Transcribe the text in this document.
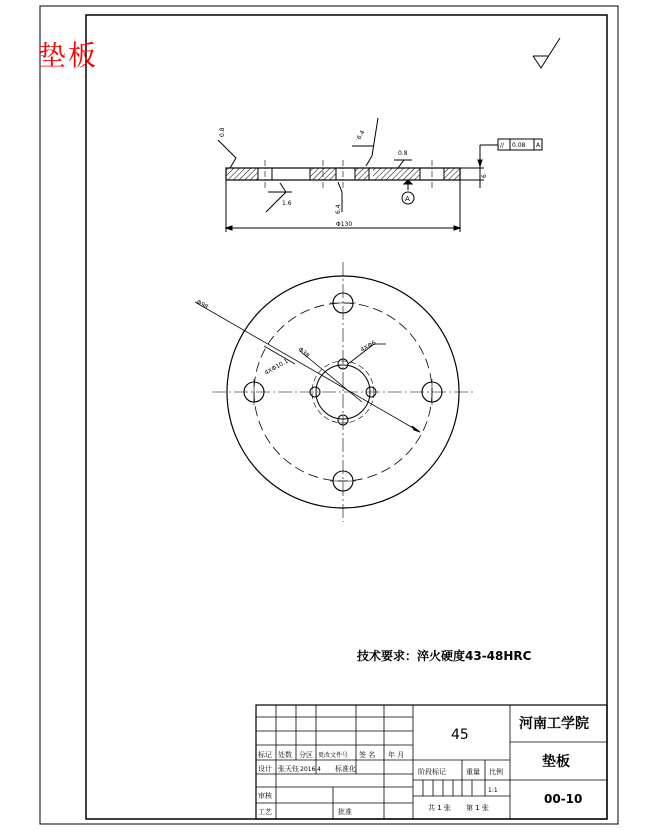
0.8	6.4
0.8
1.6
6.4
A
// 0.08 A
6
Φ130
Φ98
Φ38
4XΦ10.1
4XΦ6
技术要求：淬火硬度43-48HRC
标记 处数 分区 更改文件号 签 名 年 月
设计 张天钰 2016.4 标准化
审核
工艺	批准
阶段标记	重量 比例
1:1
共 1 张 第 1 张
45
河南工学院
垫板
00-10
垫板
